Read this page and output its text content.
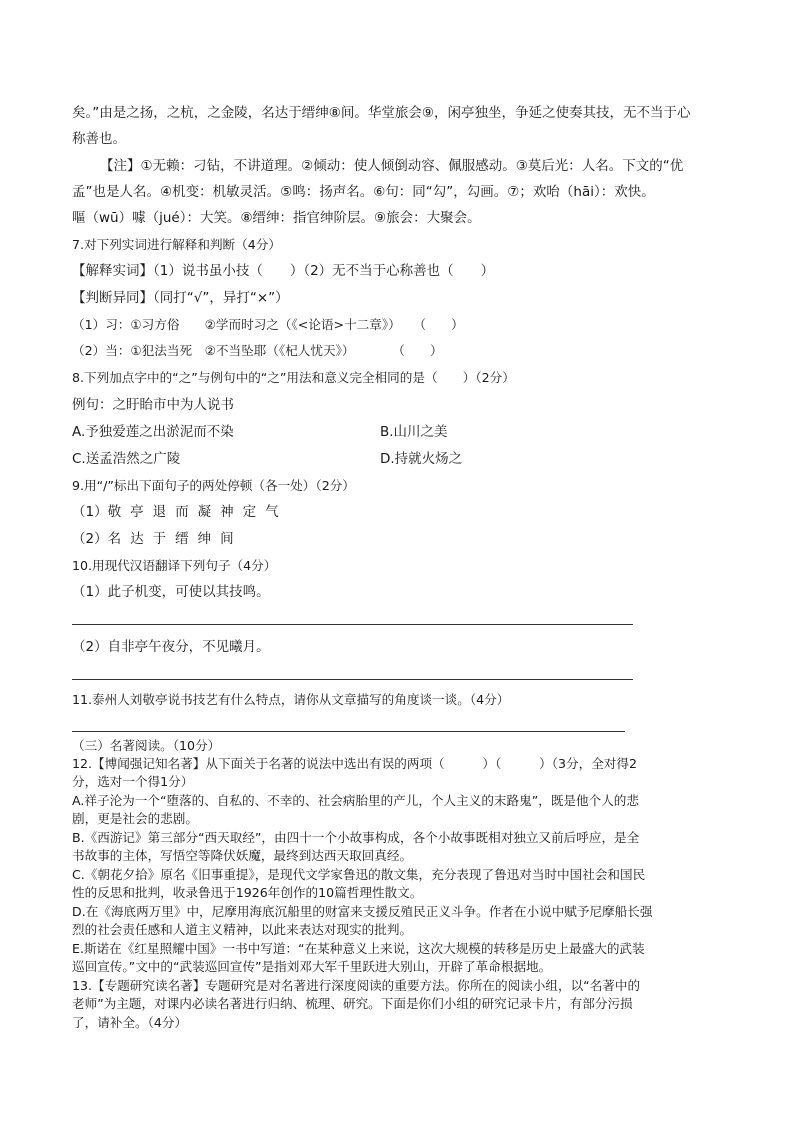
矣。”由是之扬，之杭，之金陵，名达于缙绅⑧间。华堂旅会⑨，闲亭独坐，争延之使奏其技，无不当于心
称善也。
【注】①无赖：刁钻，不讲道理。②倾动：使人倾倒动容、佩服感动。③莫后光：人名。下文的“优
孟”也是人名。④机变：机敏灵活。⑤鸣：扬声名。⑥句：同“勾”，勾画。⑦；欢咍（hāi）：欢快。
嘔（wū）噱（jué）：大笑。⑧缙绅：指官绅阶层。⑨旅会：大聚会。
7.对下列实词进行解释和判断（4分）
【解释实词】（1）说书虽小技（　　）（2）无不当于心称善也（　　）
【判断异同】（同打“√”，异打“×”）
（1）习：①习方俗　　②学而时习之（《<论语>十二章》）　　（　　）
（2）当：①犯法当死　②不当坠耶（《杞人忧天》）　　　　（　　）
8.下列加点字中的“之”与例句中的“之”用法和意义完全相同的是（　　）（2分）
例句：之盱眙市中为人说书
A.予独爱莲之出淤泥而不染	B.山川之美
C.送孟浩然之广陵	D.持就火炀之
9.用“/”标出下面句子的两处停顿（各一处）（2分）
（1）敬亭退而凝神定气
（2）名达于缙绅间
10.用现代汉语翻译下列句子（4分）
（1）此子机变，可使以其技鸣。
（2）自非亭午夜分，不见曦月。
11.泰州人刘敬亭说书技艺有什么特点，请你从文章描写的角度谈一谈。（4分）
（三）名著阅读。（10分）
12.【博闻强记知名著】从下面关于名著的说法中选出有误的两项（　　　）（　　　）（3分，全对得2
分，选对一个得1分）
A.祥子沦为一个“堕落的、自私的、不幸的、社会病胎里的产儿，个人主义的末路鬼”，既是他个人的悲
剧，更是社会的悲剧。
B.《西游记》第三部分“西天取经”，由四十一个小故事构成，各个小故事既相对独立又前后呼应，是全
书故事的主体，写悟空等降伏妖魔，最终到达西天取回真经。
C.《朝花夕拾》原名《旧事重提》，是现代文学家鲁迅的散文集，充分表现了鲁迅对当时中国社会和国民
性的反思和批判，收录鲁迅于1926年创作的10篇哲理性散文。
D.在《海底两万里》中，尼摩用海底沉船里的财富来支援反殖民正义斗争。作者在小说中赋予尼摩船长强
烈的社会责任感和人道主义精神，以此来表达对现实的批判。
E.斯诺在《红星照耀中国》一书中写道：“在某种意义上来说，这次大规模的转移是历史上最盛大的武装
巡回宣传。”文中的“武装巡回宣传”是指刘邓大军千里跃进大别山，开辟了革命根据地。
13.【专题研究读名著】专题研究是对名著进行深度阅读的重要方法。你所在的阅读小组，以“名著中的
老师”为主题，对课内必读名著进行归纳、梳理、研究。下面是你们小组的研究记录卡片，有部分污损
了，请补全。（4分）
